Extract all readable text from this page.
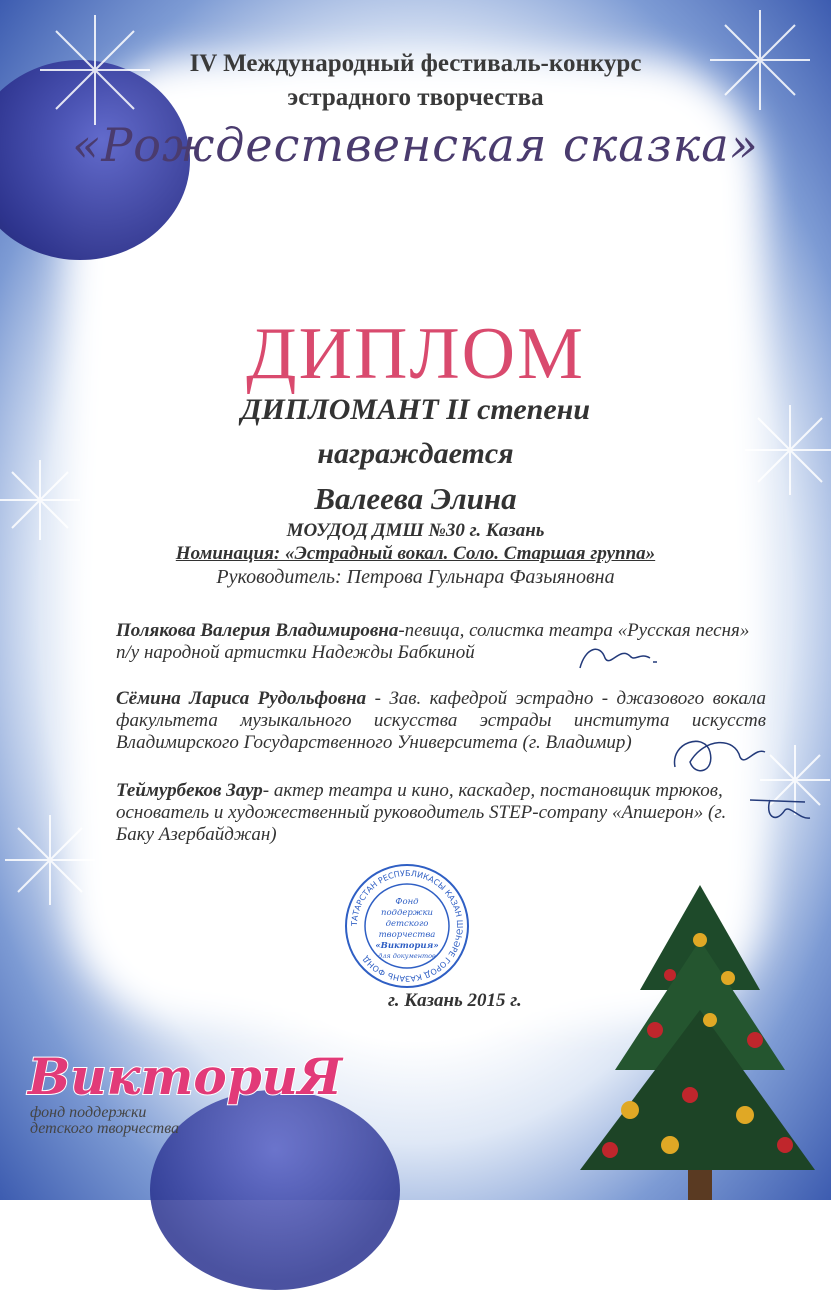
IV Международный фестиваль-конкурс
эстрадного творчества
«Рождественская сказка»
ДИПЛОМ
ДИПЛОМАНТ II степени
награждается
Валеева Элина
МОУДОД ДМШ №30 г. Казань
Номинация: «Эстрадный вокал. Соло. Старшая группа»
Руководитель: Петрова Гульнара Фазыяновна
Полякова Валерия Владимировна-певица, солистка театра «Русская песня» п/у народной артистки Надежды Бабкиной
Сёмина Лариса Рудольфовна - Зав. кафедрой эстрадно - джазового вокала факультета музыкального искусства эстрады института искусств Владимирского Государственного Университета (г. Владимир)
Теймурбеков Заур- актер театра и кино, каскадер, постановщик трюков, основатель и художественный руководитель STEP-compаny «Апшерон» (г. Баку Азербайджан)
ТАТАРСТАН РЕСПУБЛИКАСЫ КАЗАН ШӘҺӘРЕ ГОРОД КАЗАНЬ ФОНД
Фонд
поддержки
детского
творчества
«Виктория»
для документов
г. Казань 2015 г.
ВикториЯ
фонд поддержки
детского творчества
